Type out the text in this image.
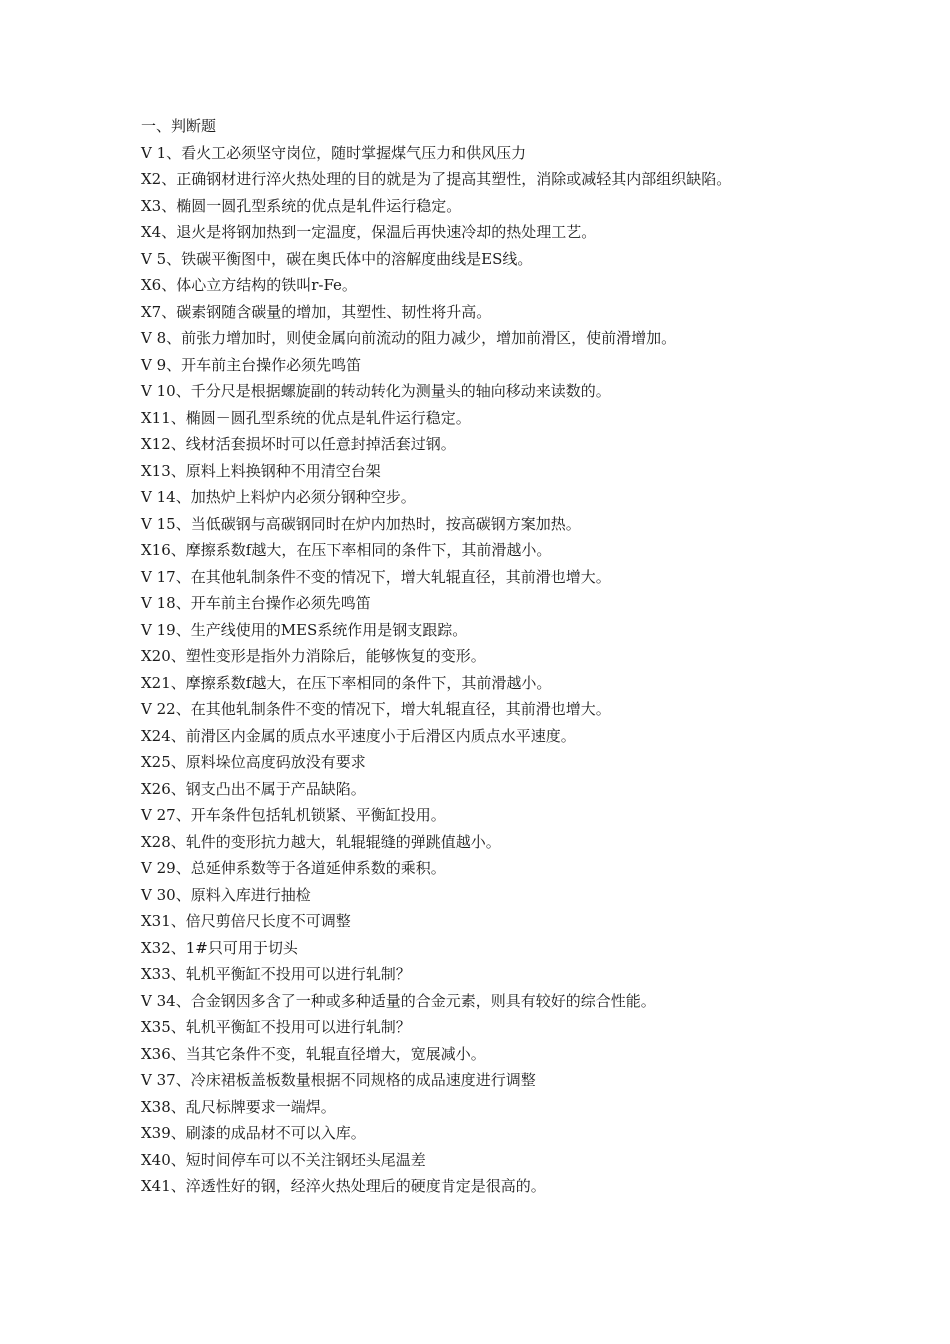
一、判断题
V 1、看火工必须坚守岗位，随时掌握煤气压力和供风压力
X2、正确钢材进行淬火热处理的目的就是为了提高其塑性，消除或减轻其内部组织缺陷。
X3、椭圆一圆孔型系统的优点是轧件运行稳定。
X4、退火是将钢加热到一定温度，保温后再快速冷却的热处理工艺。
V 5、铁碳平衡图中，碳在奥氏体中的溶解度曲线是ES线。
X6、体心立方结构的铁叫r-Fe。
X7、碳素钢随含碳量的增加，其塑性、韧性将升高。
V 8、前张力增加时，则使金属向前流动的阻力减少，增加前滑区，使前滑增加。
V 9、开车前主台操作必须先鸣笛
V 10、千分尺是根据螺旋副的转动转化为测量头的轴向移动来读数的。
X11、椭圆－圆孔型系统的优点是轧件运行稳定。
X12、线材活套损坏时可以任意封掉活套过钢。
X13、原料上料换钢种不用清空台架
V 14、加热炉上料炉内必须分钢种空步。
V 15、当低碳钢与高碳钢同时在炉内加热时，按高碳钢方案加热。
X16、摩擦系数f越大，在压下率相同的条件下，其前滑越小。
V 17、在其他轧制条件不变的情况下，增大轧辊直径，其前滑也增大。
V 18、开车前主台操作必须先鸣笛
V 19、生产线使用的MES系统作用是钢支跟踪。
X20、塑性变形是指外力消除后，能够恢复的变形。
X21、摩擦系数f越大，在压下率相同的条件下，其前滑越小。
V 22、在其他轧制条件不变的情况下，增大轧辊直径，其前滑也增大。
X24、前滑区内金属的质点水平速度小于后滑区内质点水平速度。
X25、原料垛位高度码放没有要求
X26、钢支凸出不属于产品缺陷。
V 27、开车条件包括轧机锁紧、平衡缸投用。
X28、轧件的变形抗力越大，轧辊辊缝的弹跳值越小。
V 29、总延伸系数等于各道延伸系数的乘积。
V 30、原料入库进行抽检
X31、倍尺剪倍尺长度不可调整
X32、1#只可用于切头
X33、轧机平衡缸不投用可以进行轧制？
V 34、合金钢因多含了一种或多种适量的合金元素，则具有较好的综合性能。
X35、轧机平衡缸不投用可以进行轧制？
X36、当其它条件不变，轧辊直径增大，宽展减小。
V 37、冷床裙板盖板数量根据不同规格的成品速度进行调整
X38、乱尺标牌要求一端焊。
X39、刷漆的成品材不可以入库。
X40、短时间停车可以不关注钢坯头尾温差
X41、淬透性好的钢，经淬火热处理后的硬度肯定是很高的。
